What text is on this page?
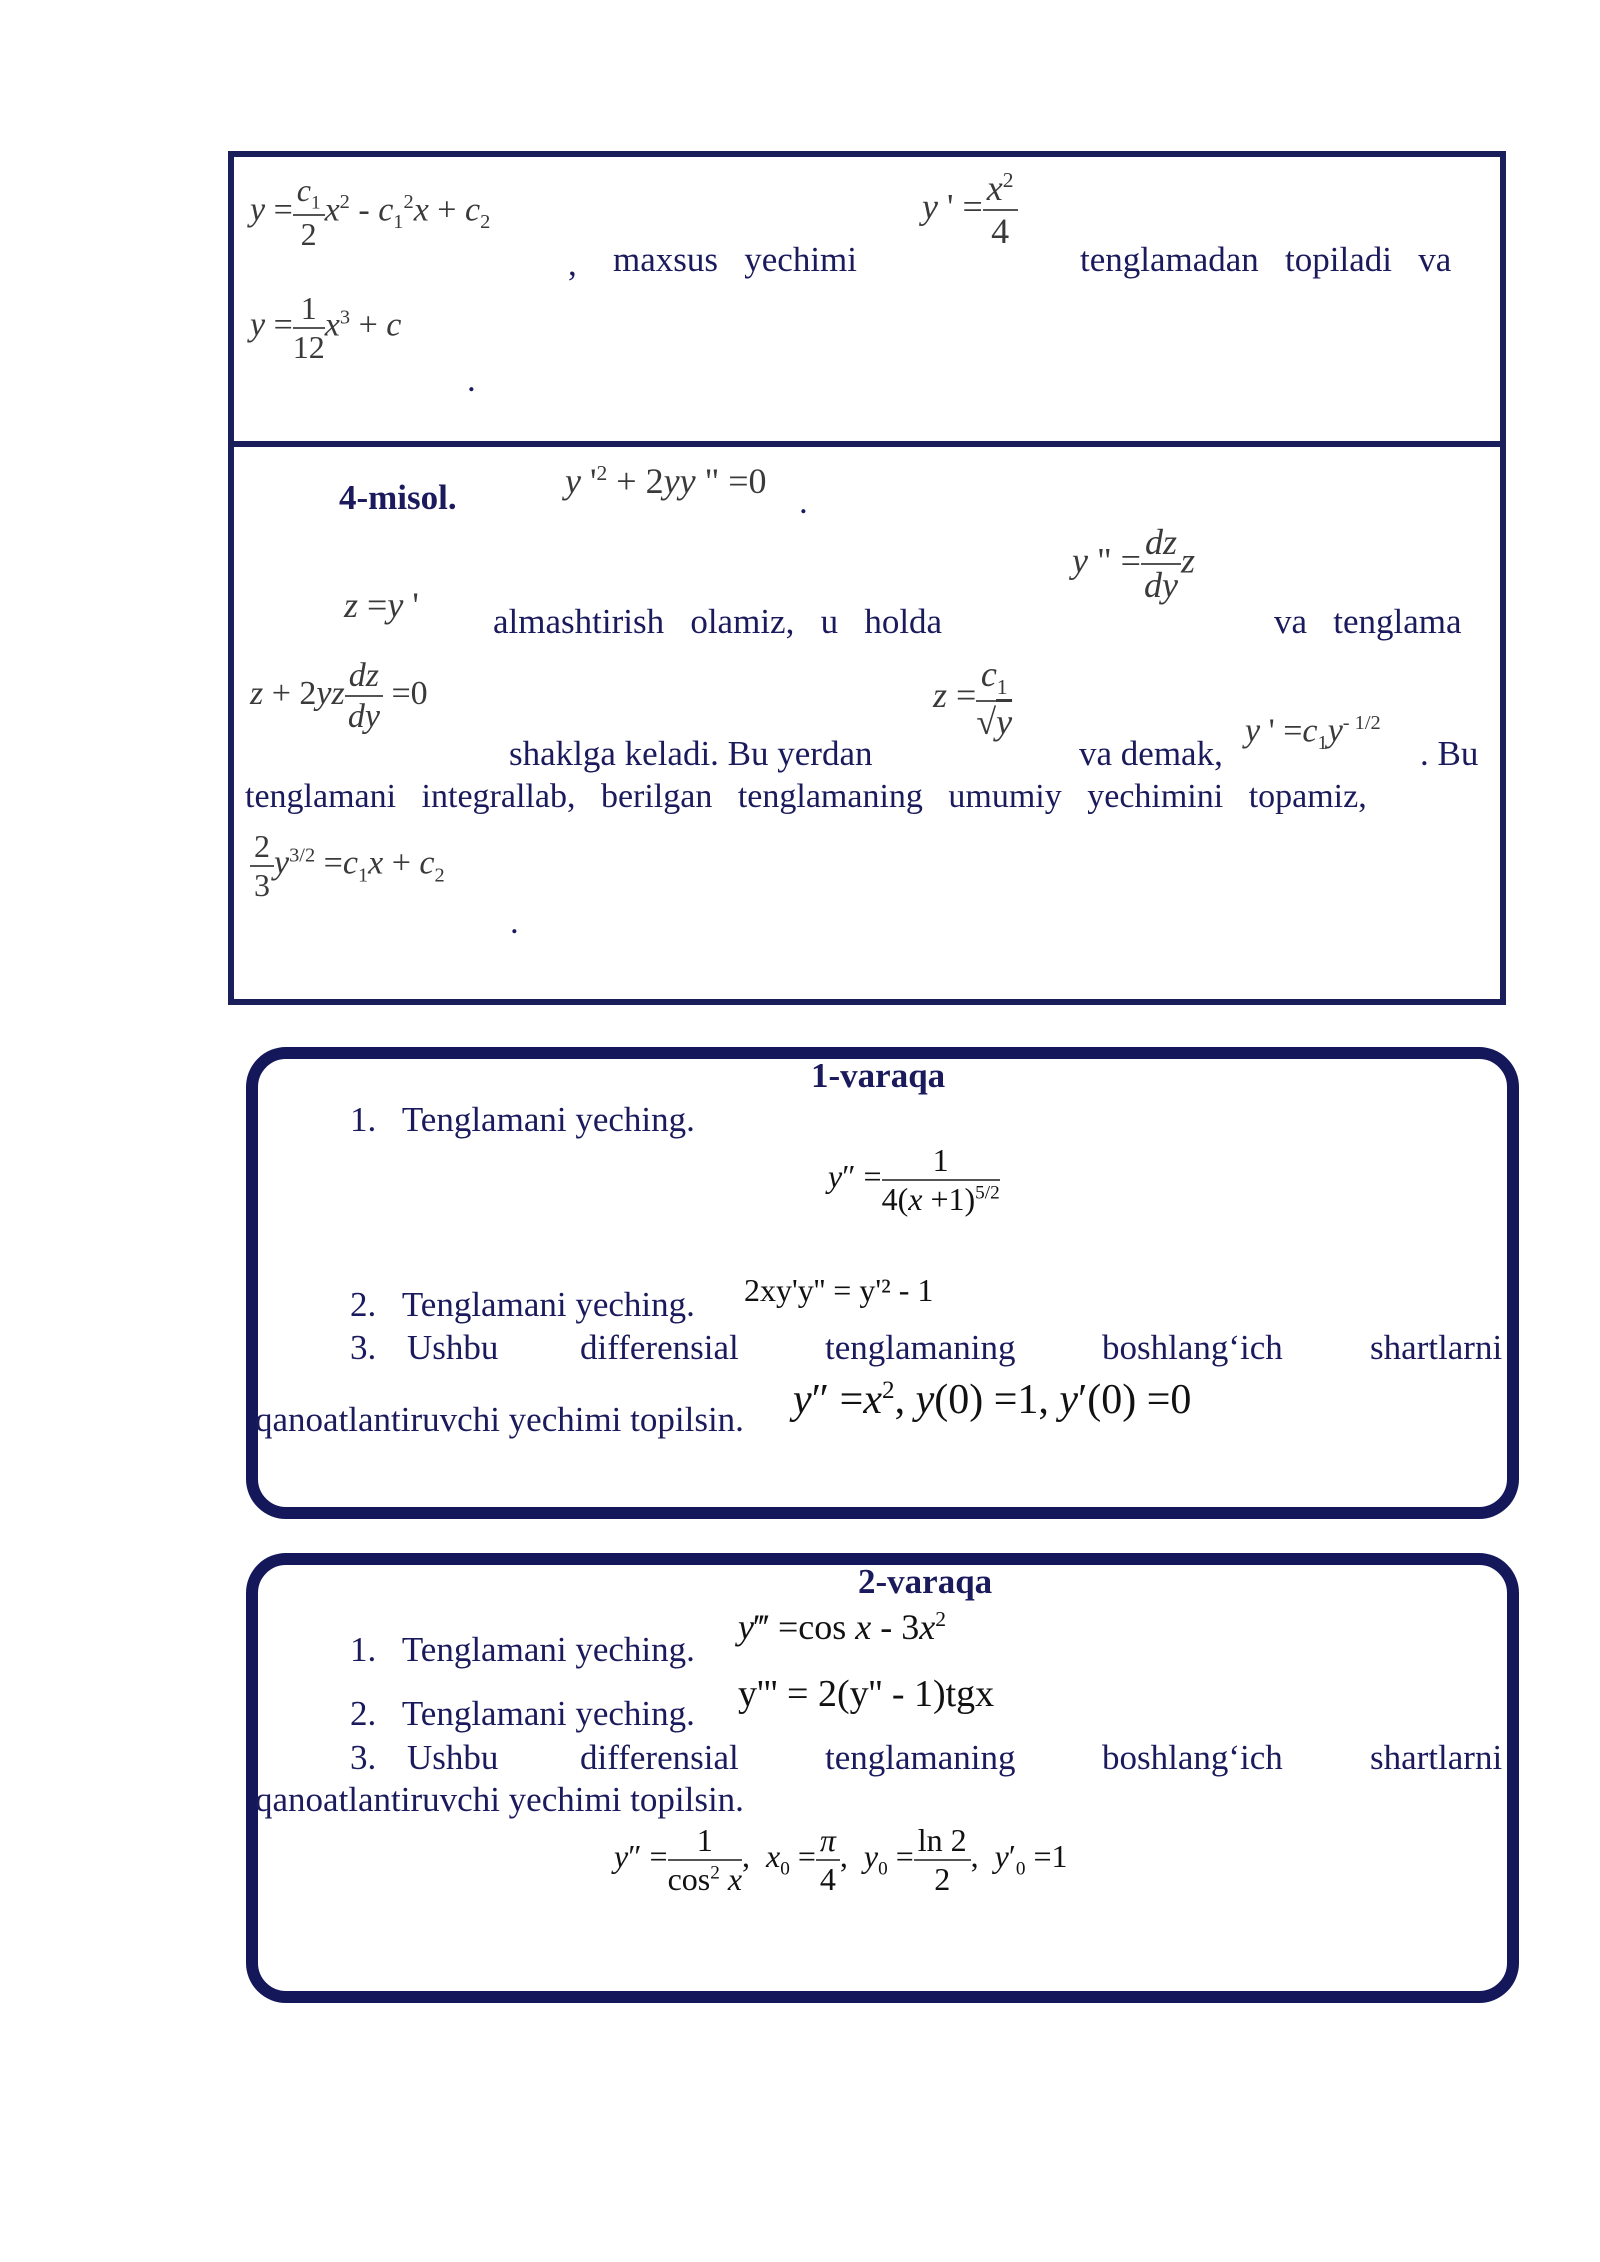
$y = \frac{c_1}{2} x^2 - c_1^2x + c_2$
, maxsus   yechimi
y ' = $\frac{x^2}{4}$
tenglamadan   topiladi   va
$y = \frac{1}{12} x^3 + c$
.
4-misol.	y '$^2 + 2yy$ " =0
.
z =y ' almashtirish   olamiz,   u   holda
y " = $\frac{dz}{dy}$ z
va   tenglama
$z + 2yz \frac{dz}{dy} =0$
shaklga keladi. Bu yerdan
$z = \frac{c_1}{√y}$
va demak,
y ' $=c_1y^{- 1/2}$
. Bu
tenglamani   integrallab,   berilgan   tenglamaning   umumiy   yechimini   topamiz,
$\frac{2}{3} y^{3/2} =c_1x + c_2$
.
1-varaqa
1.   Tenglamani yeching.
$y'' = \frac{1}{4(x +1)^{5/2}}$
2.   Tenglamani yeching. 2xy'y'' = y'² - 1
3. Ushbu differensial tenglamaning boshlang‘ich shartlarni
qanoatlantiruvchi yechimi topilsin. $y'' =x^2$, y(0) =1, y′(0) =0
2-varaqa
1.   Tenglamani yeching.
y‴ =cos x - $3x^2$
2.   Tenglamani yeching. y''' = 2(y'' - 1)tgx
3. Ushbu differensial tenglamaning boshlang‘ich shartlarni
qanoatlantiruvchi yechimi topilsin.
$y'' = \frac{1}{\cos^2 x}$ ,  $x_0 = \frac{\pi}{4}$ ,  $y_0 = \frac{\ln 2}{2}$ ,  $y'_0 =1$
